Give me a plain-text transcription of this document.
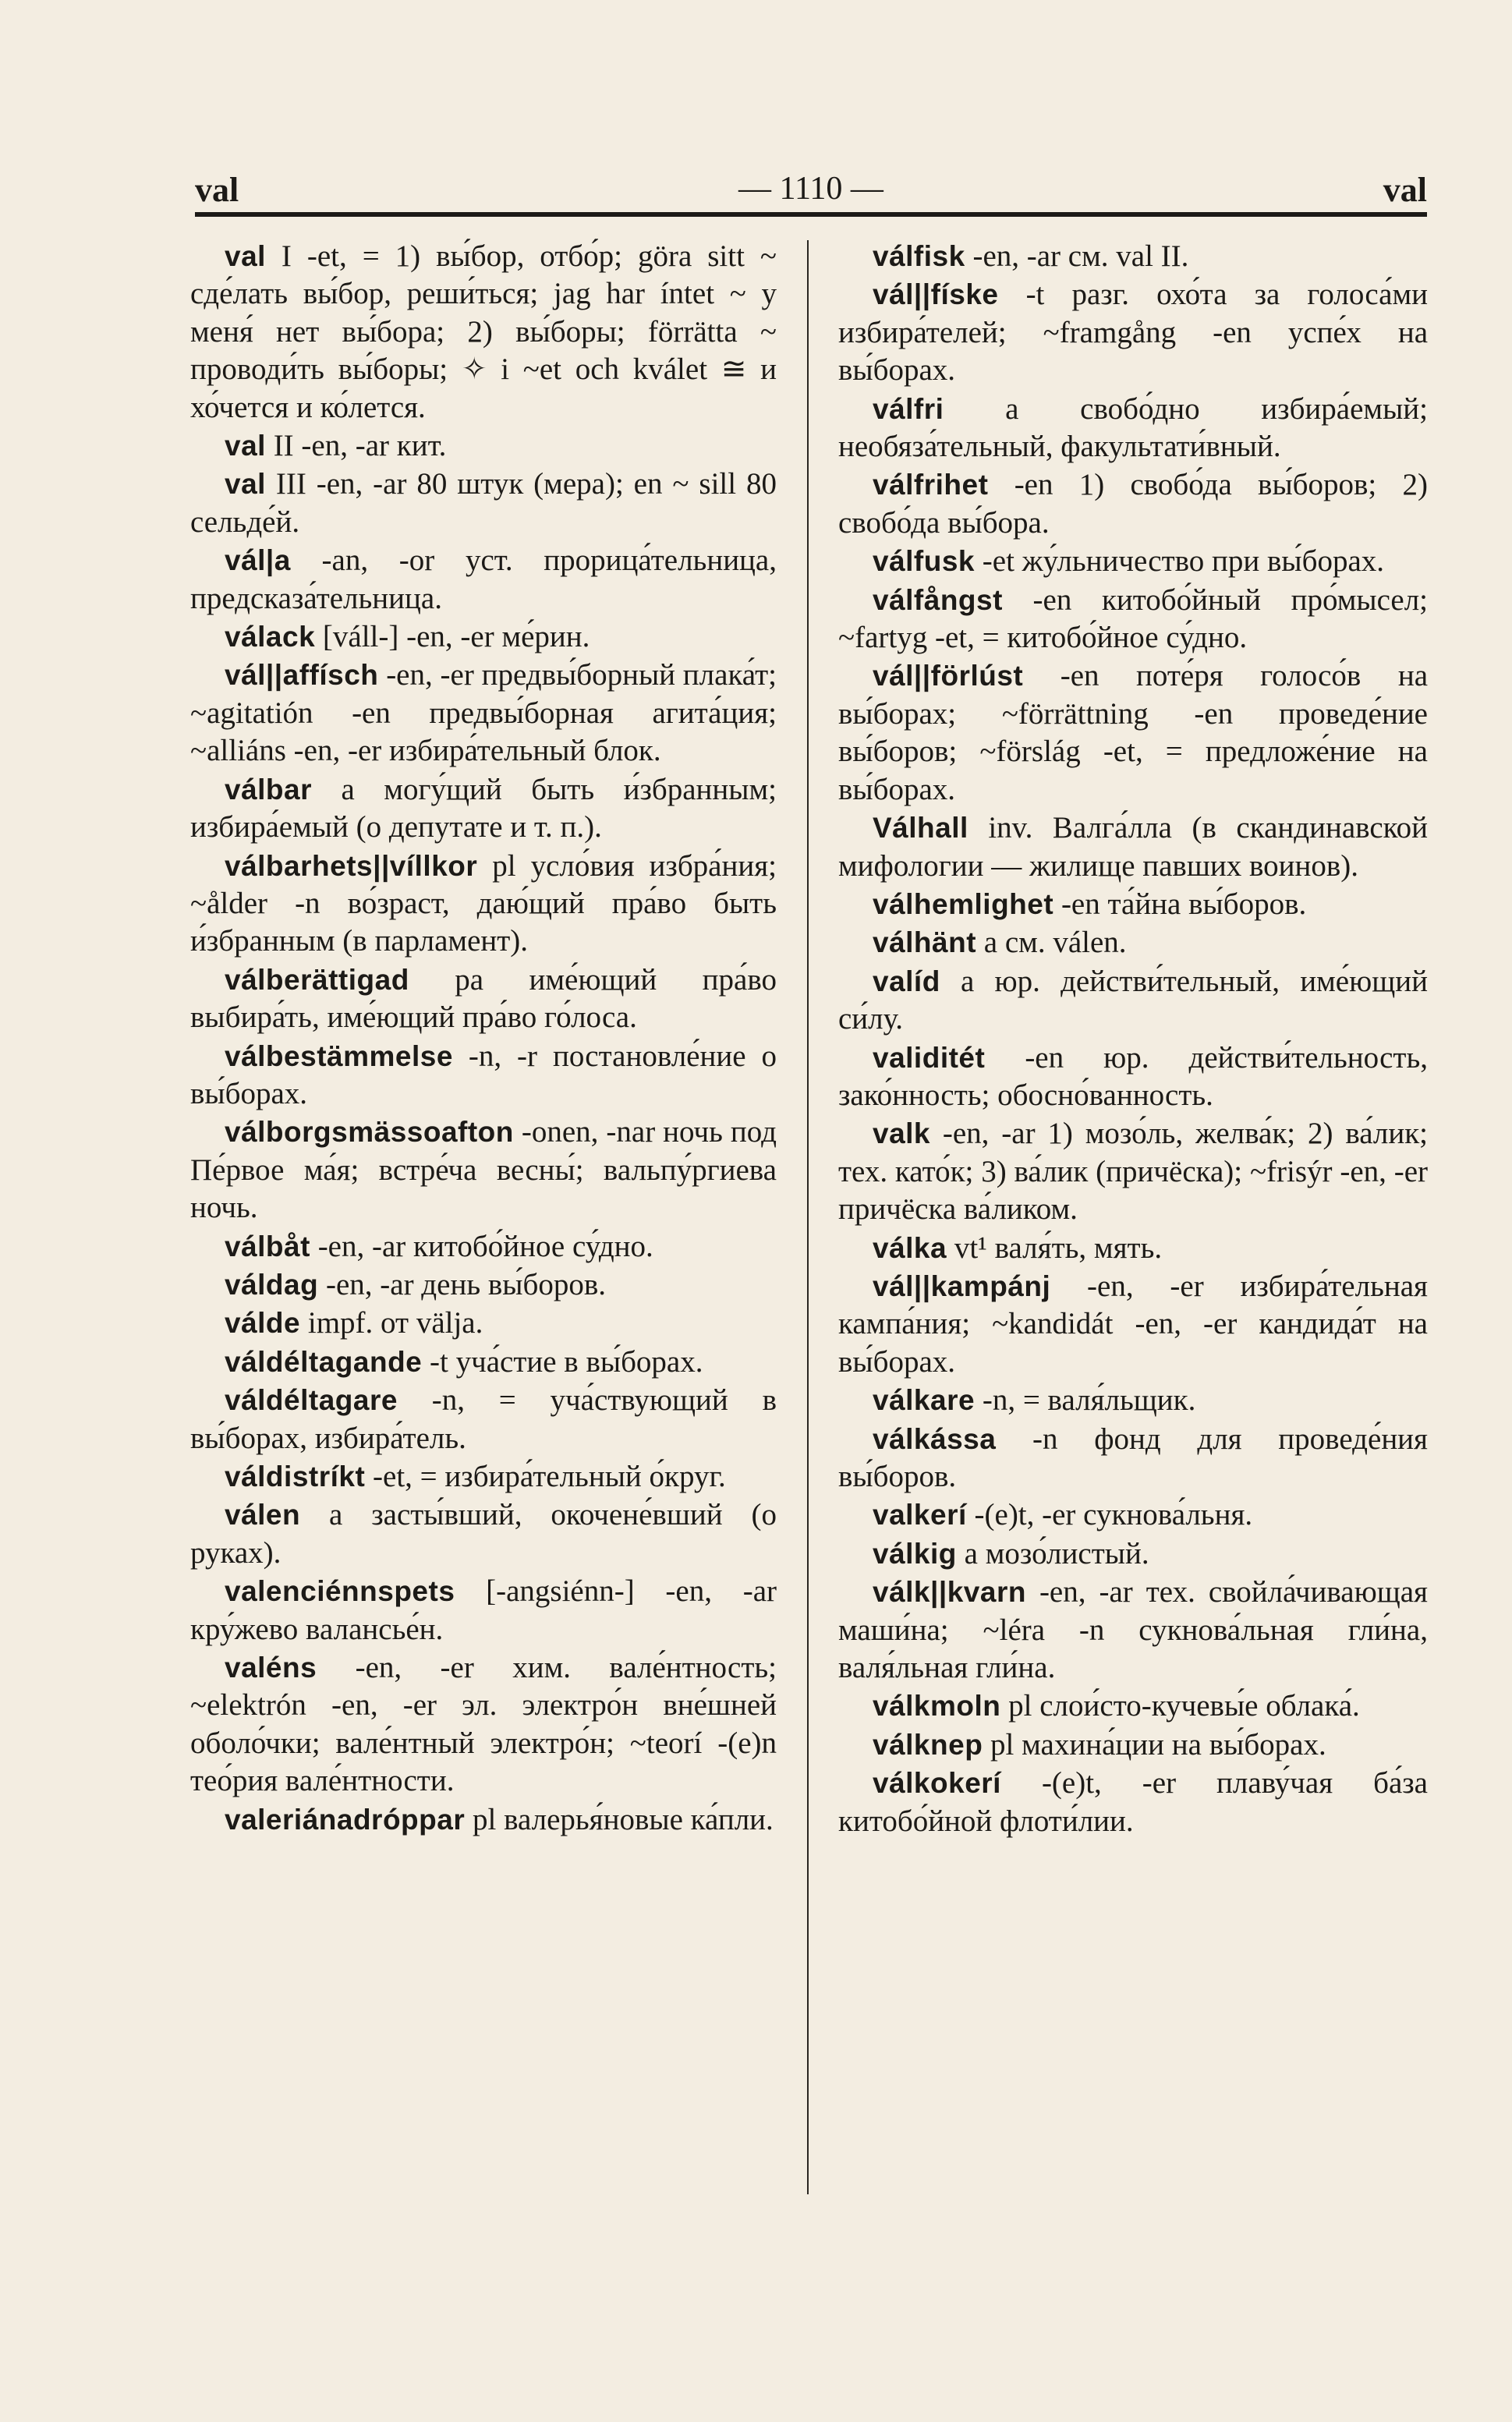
val	— 1110 —	val
val I -et, = 1) вы́бор, отбо́р; göra sitt ~ сде́лать вы́бор, реши́ться; jag har íntet ~ у меня́ нет вы́бора; 2) вы́боры; förrätta ~ проводи́ть вы́боры; ✧ i ~et och kválet ≅ и хо́чется и ко́лется.
val II -en, -ar кит.
val III -en, -ar 80 штук (мера); en ~ sill 80 сельде́й.
vál|a -an, -or уст. прорица́тельница, предсказа́тельница.
válack [váll-] -en, -er ме́рин.
vál||affísch -en, -er предвы́борный плака́т; ~agitatión -en предвы́борная агита́ция; ~alliáns -en, -er избира́тельный блок.
válbar a могу́щий быть и́збранным; избира́емый (о депутате и т. п.).
válbarhets||víllkor pl усло́вия избра́ния; ~ålder -n во́зраст, даю́щий пра́во быть и́збранным (в парламент).
válberättigad pa име́ющий пра́во выбира́ть, име́ющий пра́во го́лоса.
válbestämmelse -n, -r постановле́ние о вы́борах.
válborgsmässoafton -onen, -nar ночь под Пе́рвое ма́я; встре́ча весны́; вальпу́ргиева ночь.
válbåt -en, -ar китобо́йное су́дно.
váldag -en, -ar день вы́боров.
válde impf. от välja.
váldéltagande -t уча́стие в вы́борах.
váldéltagare -n, = уча́ствующий в вы́борах, избира́тель.
váldistríkt -et, = избира́тельный о́круг.
válen a засты́вший, окочене́вший (о руках).
valenciénnspets [-angsiénn-] -en, -ar кру́жево валансье́н.
valéns -en, -er хим. вале́нтность; ~elektrón -en, -er эл. электро́н вне́шней оболо́чки; вале́нтный электро́н; ~teorí -(e)n тео́рия вале́нтности.
valeriánadróppar pl валерья́новые ка́пли.
válfisk -en, -ar см. val II.
vál||físke -t разг. охо́та за голоса́ми избира́телей; ~framgång -en успе́х на вы́борах.
válfri a свобо́дно избира́емый; необяза́тельный, факультати́вный.
válfrihet -en 1) свобо́да вы́боров; 2) свобо́да вы́бора.
válfusk -et жу́льничество при вы́борах.
válfångst -en китобо́йный про́мысел; ~fartyg -et, = китобо́йное су́дно.
vál||förlúst -en поте́ря голосо́в на вы́борах; ~förrättning -en проведе́ние вы́боров; ~förslág -et, = предложе́ние на вы́борах.
Válhall inv. Валга́лла (в скандинавской мифологии — жилище павших воинов).
válhemlighet -en та́йна вы́боров.
válhänt a см. válen.
valíd a юр. действи́тельный, име́ющий си́лу.
validitét -en юр. действи́тельность, зако́нность; обосно́ванность.
valk -en, -ar 1) мозо́ль, желва́к; 2) ва́лик; тех. като́к; 3) ва́лик (причёска); ~frisýr -en, -er причёска ва́ликом.
válka vt¹ валя́ть, мять.
vál||kampánj -en, -er избира́тельная кампа́ния; ~kandidát -en, -er кандида́т на вы́борах.
válkare -n, = валя́льщик.
válkássa -n фонд для проведе́ния вы́боров.
valkerí -(e)t, -er сукнова́льня.
válkig a мозо́листый.
válk||kvarn -en, -ar тех. свойла́чивающая маши́на; ~léra -n сукнова́льная гли́на, валя́льная гли́на.
válkmoln pl слои́сто-кучевы́е облака́.
válknep pl махина́ции на вы́борах.
válkokerí -(e)t, -er плаву́чая ба́за китобо́йной флоти́лии.
